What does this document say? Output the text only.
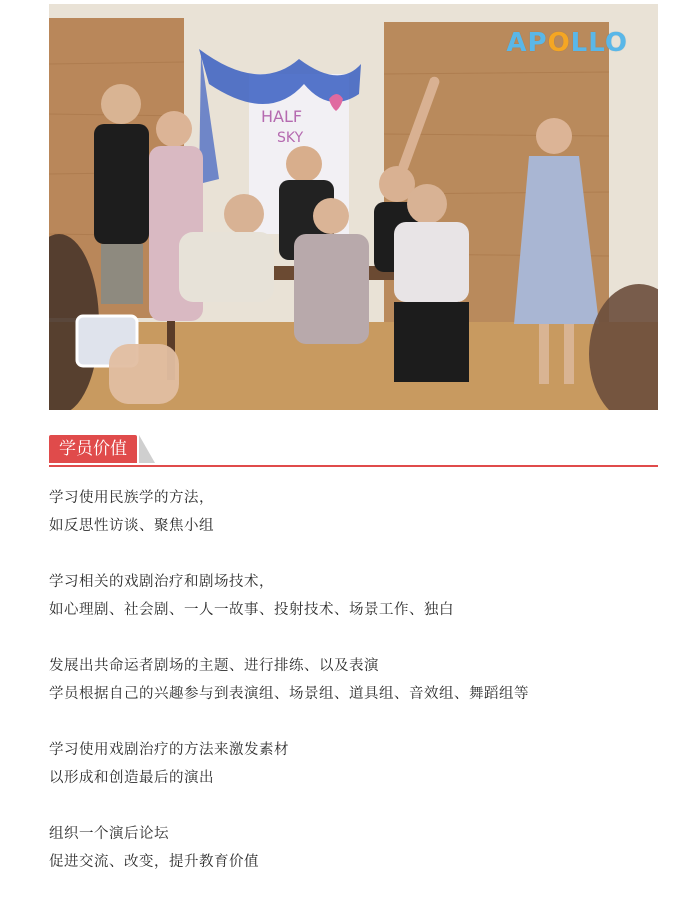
HALF
SKY
APOLLO
学员价值

学习使用民族学的方法，

如反思性访谈、聚焦小组

学习相关的戏剧治疗和剧场技术，

如心理剧、社会剧、一人一故事、投射技术、场景工作、独白

发展出共命运者剧场的主题、进行排练、以及表演

学员根据自己的兴趣参与到表演组、场景组、道具组、音效组、舞蹈组等

学习使用戏剧治疗的方法来激发素材

以形成和创造最后的演出

组织一个演后论坛

促进交流、改变，提升教育价值
